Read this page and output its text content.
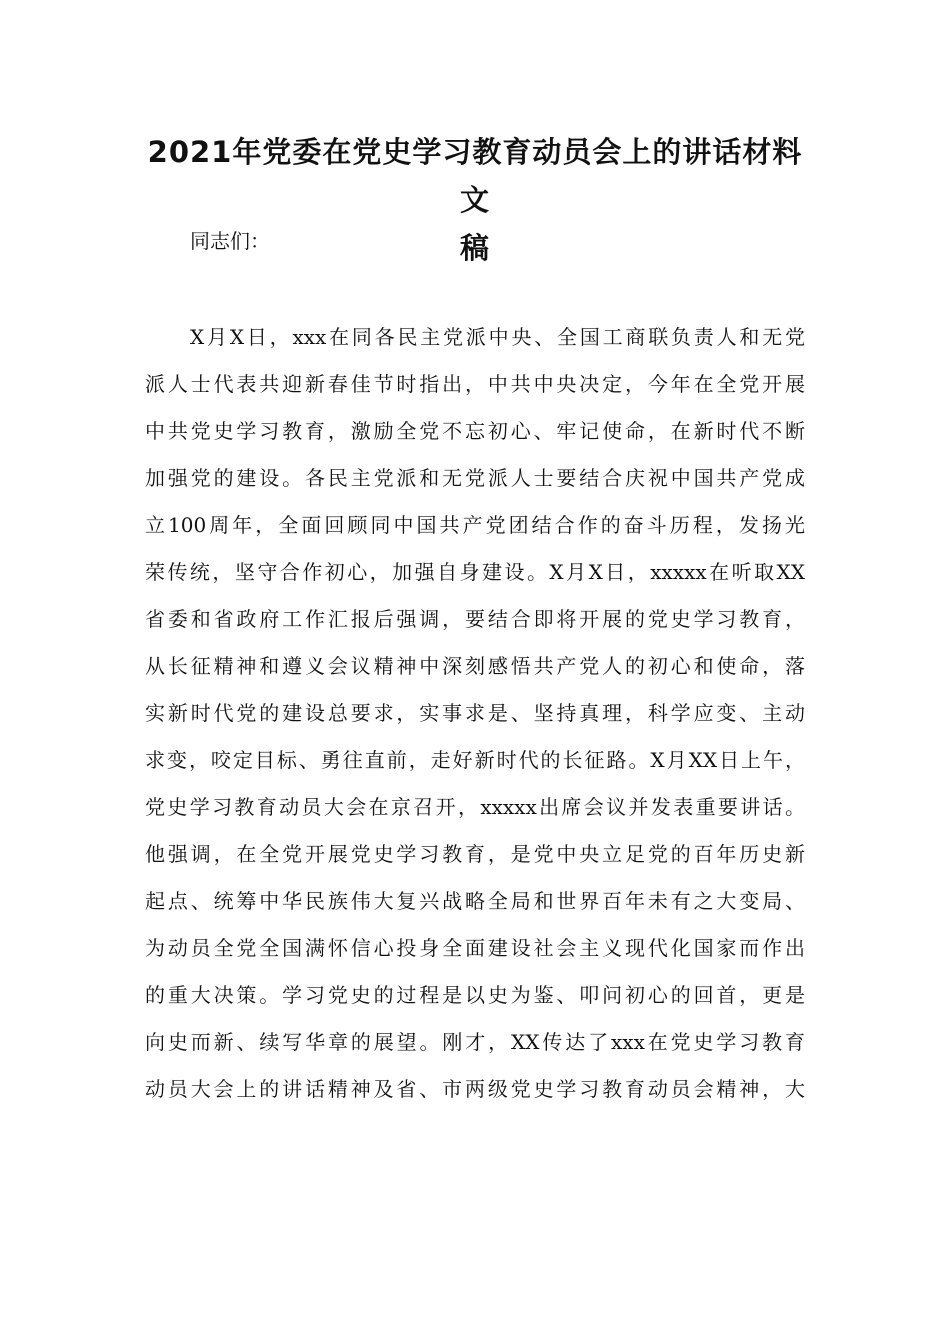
2021年党委在党史学习教育动员会上的讲话材料文
稿
同志们：
X月X日，xxx在同各民主党派中央、全国工商联负责人和无党
派人士代表共迎新春佳节时指出，中共中央决定，今年在全党开展
中共党史学习教育，激励全党不忘初心、牢记使命，在新时代不断
加强党的建设。各民主党派和无党派人士要结合庆祝中国共产党成
立100周年，全面回顾同中国共产党团结合作的奋斗历程，发扬光
荣传统，坚守合作初心，加强自身建设。X月X日，xxxxx在听取XX
省委和省政府工作汇报后强调，要结合即将开展的党史学习教育，
从长征精神和遵义会议精神中深刻感悟共产党人的初心和使命，落
实新时代党的建设总要求，实事求是、坚持真理，科学应变、主动
求变，咬定目标、勇往直前，走好新时代的长征路。X月XX日上午，
党史学习教育动员大会在京召开，xxxxx出席会议并发表重要讲话。
他强调，在全党开展党史学习教育，是党中央立足党的百年历史新
起点、统筹中华民族伟大复兴战略全局和世界百年未有之大变局、
为动员全党全国满怀信心投身全面建设社会主义现代化国家而作出
的重大决策。学习党史的过程是以史为鉴、叩问初心的回首，更是
向史而新、续写华章的展望。刚才，XX传达了xxx在党史学习教育
动员大会上的讲话精神及省、市两级党史学习教育动员会精神，大
